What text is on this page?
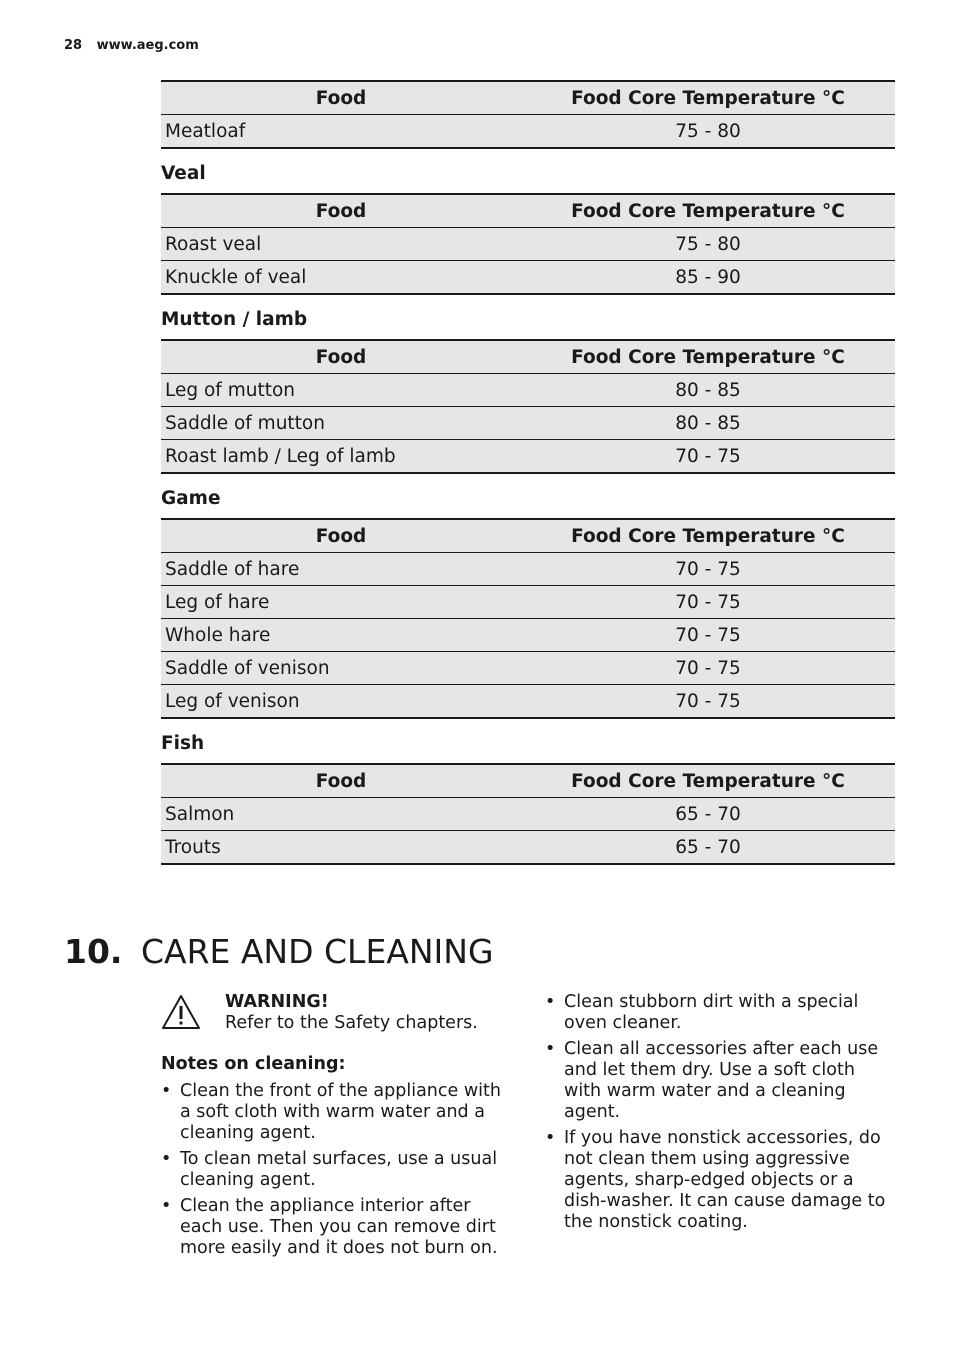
28 www.aeg.com
Food	Food Core Temperature °C
Meatloaf	75 - 80
Veal
Food	Food Core Temperature °C
Roast veal	75 - 80
Knuckle of veal	85 - 90
Mutton / lamb
Food	Food Core Temperature °C
Leg of mutton	80 - 85
Saddle of mutton	80 - 85
Roast lamb / Leg of lamb	70 - 75
Game
Food	Food Core Temperature °C
Saddle of hare	70 - 75
Leg of hare	70 - 75
Whole hare	70 - 75
Saddle of venison	70 - 75
Leg of venison	70 - 75
Fish
Food	Food Core Temperature °C
Salmon	65 - 70
Trouts	65 - 70
10. CARE AND CLEANING
WARNING!
Refer to the Safety chapters.
Notes on cleaning:
• Clean the front of the appliance with a soft cloth with warm water and a cleaning agent.
• To clean metal surfaces, use a usual cleaning agent.
• Clean the appliance interior after each use. Then you can remove dirt more easily and it does not burn on.
• Clean stubborn dirt with a special oven cleaner.
• Clean all accessories after each use and let them dry. Use a soft cloth with warm water and a cleaning agent.
• If you have nonstick accessories, do not clean them using aggressive agents, sharp-edged objects or a dish-washer. It can cause damage to the nonstick coating.
